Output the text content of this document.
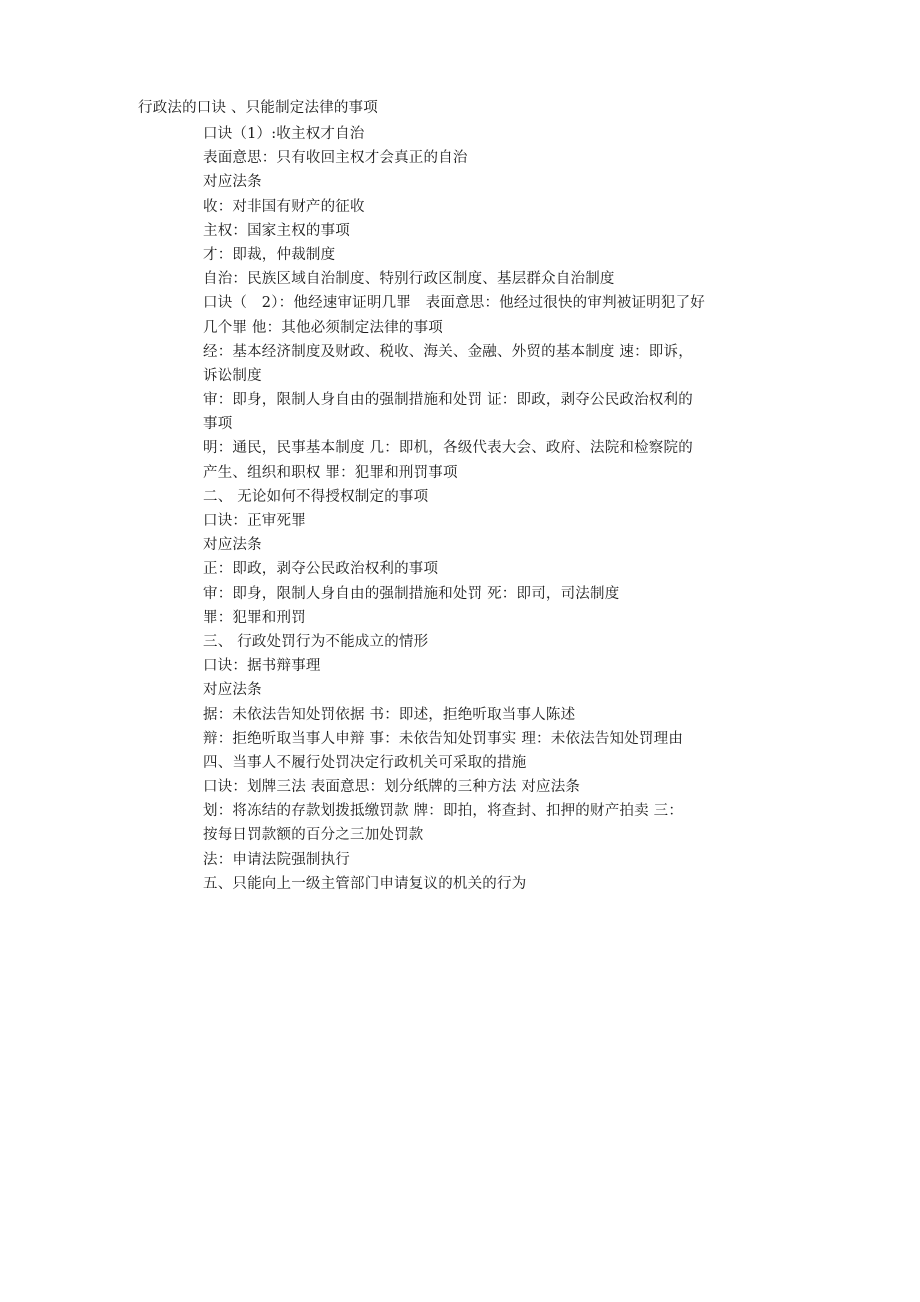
行政法的口诀 、只能制定法律的事项
口诀（1）:收主权才自治
表面意思：只有收回主权才会真正的自治
对应法条
收：对非国有财产的征收
主权：国家主权的事项
才：即裁，仲裁制度
自治：民族区域自治制度、特别行政区制度、基层群众自治制度
口诀（　2）：他经速审证明几罪　表面意思：他经过很快的审判被证明犯了好
几个罪 他：其他必须制定法律的事项
经：基本经济制度及财政、税收、海关、金融、外贸的基本制度 速：即诉，
诉讼制度
审：即身，限制人身自由的强制措施和处罚 证：即政，剥夺公民政治权利的
事项
明：通民，民事基本制度 几：即机，各级代表大会、政府、法院和检察院的
产生、组织和职权 罪：犯罪和刑罚事项
二、 无论如何不得授权制定的事项
口诀：正审死罪
对应法条
正：即政，剥夺公民政治权利的事项
审：即身，限制人身自由的强制措施和处罚 死：即司，司法制度
罪：犯罪和刑罚
三、 行政处罚行为不能成立的情形
口诀：据书辩事理
对应法条
据：未依法告知处罚依据 书：即述，拒绝听取当事人陈述
辩：拒绝听取当事人申辩 事：未依告知处罚事实 理：未依法告知处罚理由
四、当事人不履行处罚决定行政机关可采取的措施
口诀：划牌三法 表面意思：划分纸牌的三种方法 对应法条
划：将冻结的存款划拨抵缴罚款 牌：即拍，将查封、扣押的财产拍卖 三：
按每日罚款额的百分之三加处罚款
法：申请法院强制执行
五、只能向上一级主管部门申请复议的机关的行为
